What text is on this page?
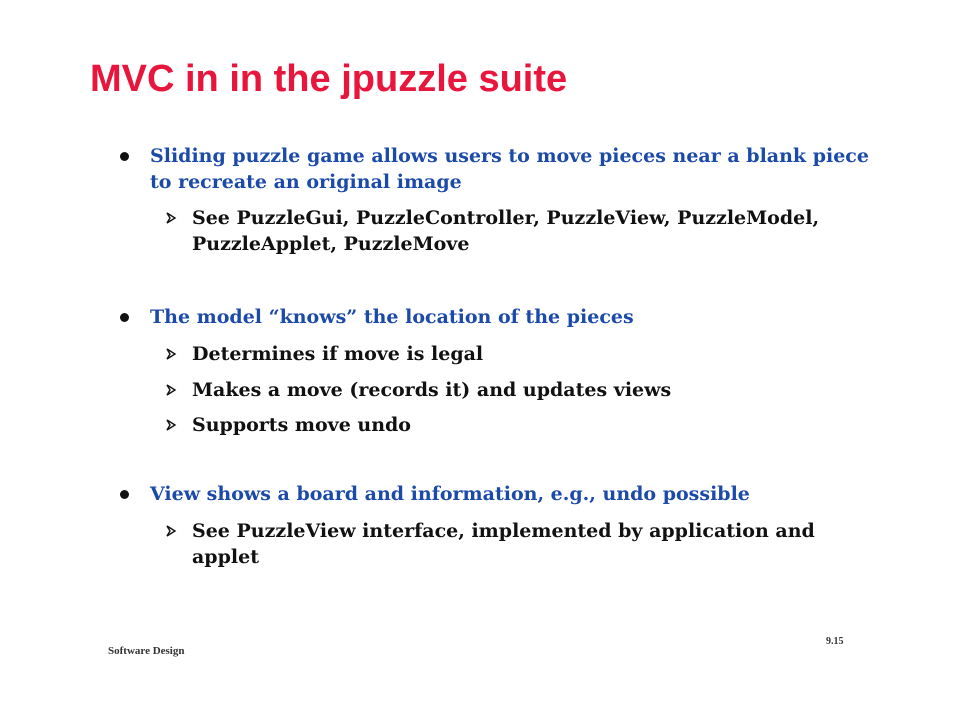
MVC in in the jpuzzle suite
Sliding puzzle game allows users to move pieces near a blank piece to recreate an original image
See PuzzleGui, PuzzleController, PuzzleView, PuzzleModel, PuzzleApplet, PuzzleMove
The model “knows” the location of the pieces
Determines if move is legal
Makes a move (records it) and updates views
Supports move undo
View shows a board and information, e.g., undo possible
See PuzzleView interface, implemented by application and applet
Software Design
9.15
